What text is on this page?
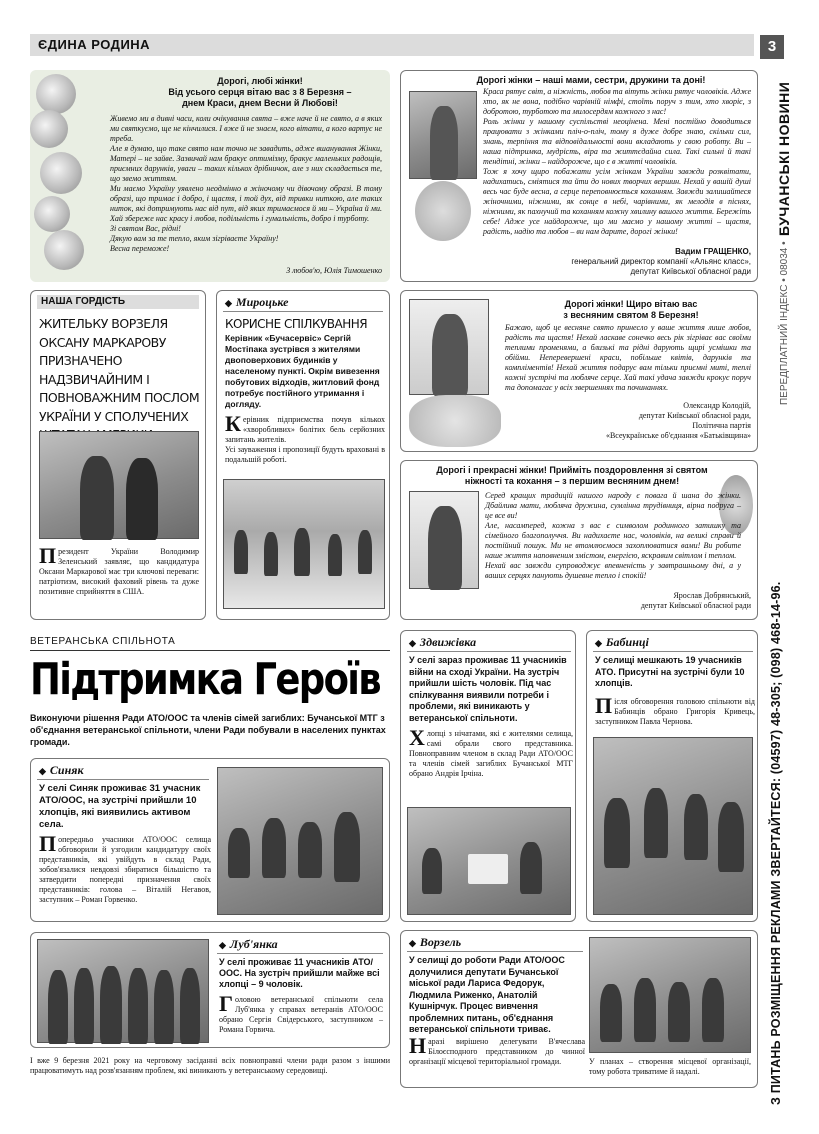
ЄДИНА РОДИНА	3
БУЧАНСЬКІ НОВИНИ
ПЕРЕДПЛАТНИЙ ІНДЕКС • 08034 •
З ПИТАНЬ РОЗМІЩЕННЯ РЕКЛАМИ ЗВЕРТАЙТЕСЯ: (04597) 48-305; (098) 468-14-96.
Дорогі, любі жінки!
Від усього серця вітаю вас з 8 Березня –
днем Краси, днем Весни й Любові!
Живемо ми в дивні часи, коли очікування свята – вже наче й не свято, а в яких ми святкуємо, ще не кінчилися. І вже й не знаєм, кого вітати, а кого вартує не треба.
Але я думаю, що таке свято нам точно не завадить, адже вшанування Жінки, Матері – не зайве. Зазвичай нам бракує оптимізму, бракує маленьких радощів, приємних дарунків, уваги – таких кількох дрібничок, але з них складається те, що звемо життям.
Ми маємо Україну уявлено неодмінно в жіночому чи дівочому образі. В тому образі, що тримає і добро, і щастя, і той дух, від тривки ниткою, але таких ниток, які дотримують нас від пут, від яких тримаємося й ми – Україна й ми. Хай збереже нас красу і любов, подільність і гумальність, добро і турботу.
Зі святом Вас, рідні!
Дякую вам за те тепло, яким зігріваєте Україну!
Весна переможе!
З любов'ю, Юлія Тимошенко
Дорогі жінки – наші мами, сестри, дружини та доні!
Краса рятує світ, а ніжність, любов та вітуть жінки рятує чоловіків. Адже хто, як не вона, подібно чарівній німфі, стоїть поруч з тим, хто хворіє, з добротою, турботою та милосердям кожного з нас!
Роль жінки у нашому суспільстві неоцінена. Мені постійно доводиться працювати з жінками пліч-о-пліч, тому я дуже добре знаю, скільки сил, знань, терпіння та відповідальності вони вкладають у свою роботу. Ви – наша підтримка, мудрість, віра та життєдайна сила. Такі сильні й такі тендітні, жінки – найдорожче, що є в житті чоловіків.
Тож я хочу щиро побажати усім жінкам України завжди розквітати, надихатись, сміятися та йти до нових творчих вершин. Нехай у вашій душі весь час буде весна, а серце переповнюється коханням. Завжди залишайтеся жіночними, ніжними, як сонце в небі, чарівними, як мелодія в піснях, ніжними, як пахнучий та коханням кожну хвилину вашого життя. Бережіть себе! Адже усе найдорожче, що ми маємо у нашому житті – щастя, радість, надію та любов – ви нам дарите, дорогі жінки!
Вадим ГРАЩЕНКО,
генеральний директор компанії «Альянс класс»,
депутат Київської обласної ради
НАША ГОРДІСТЬ
ЖИТЕЛЬКУ ВОРЗЕЛЯ ОКСАНУ МАРКАРОВУ ПРИЗНАЧЕНО НАДЗВИЧАЙНИМ І ПОВНОВАЖНИМ ПОСЛОМ УКРАЇНИ У СПОЛУЧЕНИХ
Президент України Володимир Зеленський заявляє, що кандидатура Оксани Маркарової має три ключові переваги: патріотизм, високий фаховий рівень та дуже позитивне сприйняття в США.
◆ Мироцьке
КОРИСНЕ СПІЛКУВАННЯ
Керівник «Бучасервіс» Сергій Мостіпака зустрівся з жителями двоповерхових будинків у населеному пункті. Окрім вивезення побутових відходів, житловий фонд потребує постійного утримання і догляду.
Керівник підприємства почув кількох «хворобливих» болітих бель серйозних запитань жителів.
Усі зауваження і пропозиції будуть враховані в подальшій роботі.
Дорогі жінки! Щиро вітаю вас
з весняним святом 8 Березня!
Бажаю, щоб це весняне свято принесло у ваше життя лише любов, радість та щастя! Нехай ласкаве сонечко весь рік зігріває вас своїми теплими променями, а близькі та рідні дарують щирі усмішки та обійми. Неперевершені краси, побільше квітів, дарунків та компліментів! Нехай життя подарує вам тільки приємні миті, теплі кожні зустрічі та любляче серце. Хай такі удача завжди крокує поруч та допомагає у всіх звершеннях та починаннях.
Олександр Колодій,
депутат Київської обласної ради,
Політична партія
«Всеукраїнське об'єднання «Батьківщина»
Дорогі і прекрасні жінки! Прийміть поздоровлення зі святом
ніжності та кохання – з першим весняним днем!
Серед кращих традицій нашого народу є повага й шана до жінки. Дбайлива мати, любляча дружина, сумлінна трудівниця, вірна подруга – це все ви!
Але, насамперед, кожна з вас є символом родинного затишку та сімейного благополуччя. Ви надихаєте нас, чоловіків, на великі справи й постійний пошук. Ми не втомлюємося захоплюватися вами! Ви робите наше життя наповненим змістом, енергією, яскравим світлом і теплом.
Нехай вас завжди супроводжує впевненість у завтрашньому дні, а у ваших серцях панують душевне тепло і спокій!
Ярослав Добрянський,
депутат Київської обласної ради
ВЕТЕРАНСЬКА СПІЛЬНОТА
Підтримка Героїв
Виконуючи рішення Ради АТО/ООС та членів сімей загиблих: Бучанської МТГ з об'єднання ветеранської спільноти, члени Ради побували в населених пунктах громади.
◆ Синяк
У селі Синяк проживає 31 учасник АТО/ООС, на зустрічі прийшли 10 хлопців, які виявились активом села.
Попередньо учасники АТО/ООС селища обговорили й узгодили кандидатуру своїх представників, які увійдуть в склад Ради, зобов'язалися невдовзі збиратися більшістю та затвердити попередні призначення своїх представників: голова – Віталій Негавов, заступник – Роман Горвенко.
◆ Здвижівка
У селі зараз проживає 11 учасників війни на сході України. На зустріч прийшли шість чоловік. Під час спілкування виявили потреби і проблеми, які виникають у ветеранської спільноти.
Хлопці з нічатами, які є жителями селища, самі обрали свого представника. Повноправним членом в склад Ради АТО/ООС та членів сімей загиблих Бучанської МТГ обрано Андрія Ірчіна.
◆ Бабинці
У селищі мешкають 19 учасників АТО. Присутні на зустрічі були 10 хлопців.
Після обговорення головою спільноти від Бабинців обрано Григорія Кривець, заступником Павла Чернова.
◆ Луб'янка
У селі проживає 11 учасників АТО/ООС. На зустріч прийшли майже всі хлопці – 9 чоловік.
Головою ветеранської спільноти села Луб'янка у справах ветеранів АТО/ООС обрано Сергія Свідерського, заступником – Романа Горвича.
І вже 9 березня 2021 року на черговому засіданні всіх повноправні члени ради разом з іншими працюватимуть над розв'язанням проблем, які виникають у ветеранському середовищі.
◆ Ворзель
У селищі до роботи Ради АТО/ООС долучилися депутати Бучанської міської ради Лариса Федорук, Людмила Риженко, Анатолій Кушнірчук. Процес вивчення проблемних питань, об'єднання ветеранської спільноти триває.
Наразі вирішено делегувати В'ячеслава Білоєсподного представником до чинної організації місцевої територіальної громади.	У планах – створення місцевої організації, тому робота триватиме й надалі.
